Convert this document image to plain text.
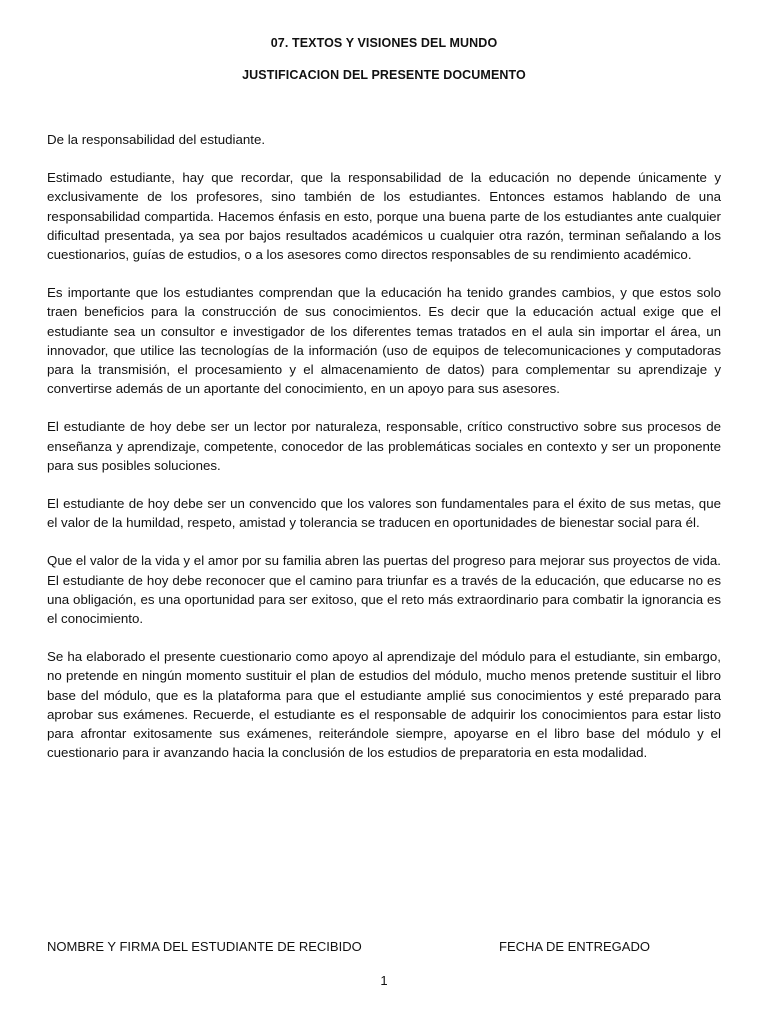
07. TEXTOS Y VISIONES DEL MUNDO
JUSTIFICACION DEL PRESENTE DOCUMENTO

De la responsabilidad del estudiante.

Estimado estudiante, hay que recordar, que la responsabilidad de la educación no depende únicamente y exclusivamente de los profesores, sino también de los estudiantes. Entonces estamos hablando de una responsabilidad compartida. Hacemos énfasis en esto, porque una buena parte de los estudiantes ante cualquier dificultad presentada, ya sea por bajos resultados académicos u cualquier otra razón, terminan señalando a los cuestionarios, guías de estudios, o a los asesores como directos responsables de su rendimiento académico.

Es importante que los estudiantes comprendan que la educación ha tenido grandes cambios, y que estos solo traen beneficios para la construcción de sus conocimientos. Es decir que la educación actual exige que el estudiante sea un consultor e investigador de los diferentes temas tratados en el aula sin importar el área, un innovador, que utilice las tecnologías de la información (uso de equipos de telecomunicaciones y computadoras para la transmisión, el procesamiento y el almacenamiento de datos) para complementar su aprendizaje y convertirse además de un aportante del conocimiento, en un apoyo para sus asesores.

El estudiante de hoy debe ser un lector por naturaleza, responsable, crítico constructivo sobre sus procesos de enseñanza y aprendizaje, competente, conocedor de las problemáticas sociales en contexto y ser un proponente para sus posibles soluciones.

El estudiante de hoy debe ser un convencido que los valores son fundamentales para el éxito de sus metas, que el valor de la humildad, respeto, amistad y tolerancia se traducen en oportunidades de bienestar social para él.

Que el valor de la vida y el amor por su familia abren las puertas del progreso para mejorar sus proyectos de vida. El estudiante de hoy debe reconocer que el camino para triunfar es a través de la educación, que educarse no es una obligación, es una oportunidad para ser exitoso, que el reto más extraordinario para combatir la ignorancia es el conocimiento.

Se ha elaborado el presente cuestionario como apoyo al aprendizaje del módulo para el estudiante, sin embargo, no pretende en ningún momento sustituir el plan de estudios del módulo, mucho menos pretende sustituir el libro base del módulo, que es la plataforma para que el estudiante amplié sus conocimientos y esté preparado para aprobar sus exámenes. Recuerde, el estudiante es el responsable de adquirir los conocimientos para estar listo para afrontar exitosamente sus exámenes, reiterándole siempre, apoyarse en el libro base del módulo y el cuestionario para ir avanzando hacia la conclusión de los estudios de preparatoria en esta modalidad.

NOMBRE Y FIRMA DEL ESTUDIANTE DE RECIBIDO	FECHA DE ENTREGADO
1
